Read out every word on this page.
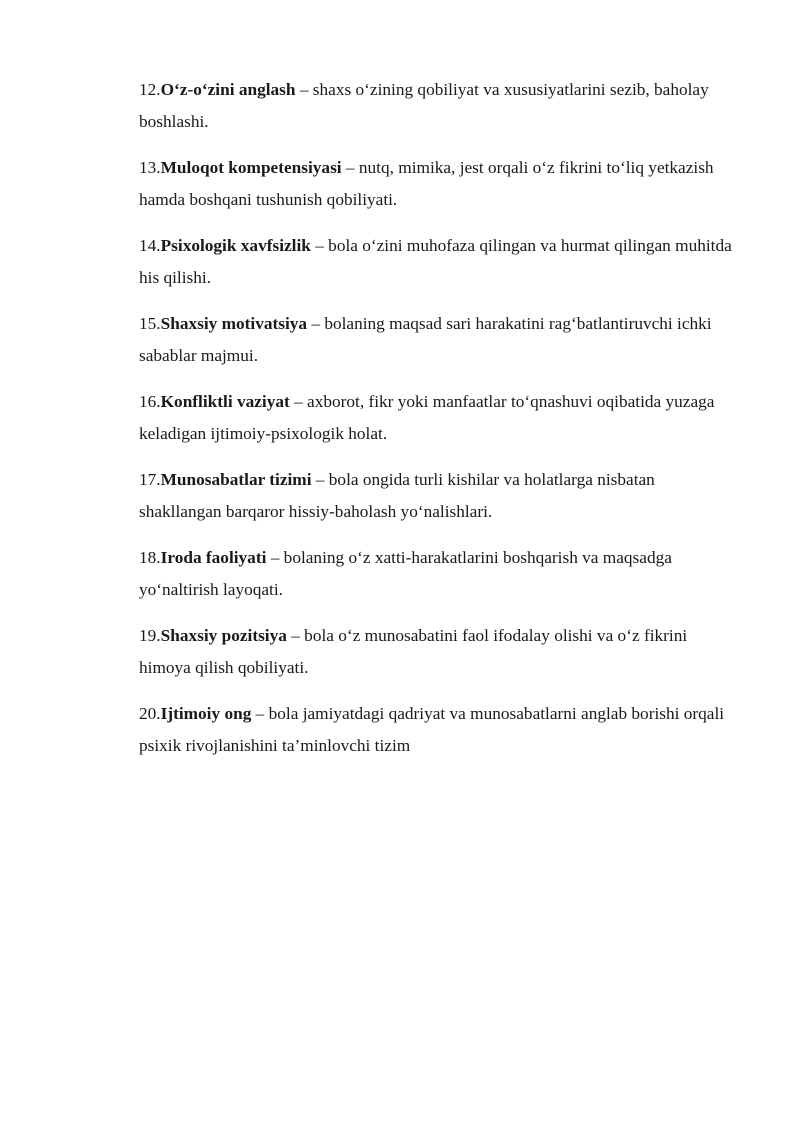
12.O‘z-o‘zini anglash – shaxs o‘zining qobiliyat va xususiyatlarini sezib, baholay boshlashi.

13.Muloqot kompetensiyasi – nutq, mimika, jest orqali o‘z fikrini to‘liq yetkazish hamda boshqani tushunish qobiliyati.

14.Psixologik xavfsizlik – bola o‘zini muhofaza qilingan va hurmat qilingan muhitda his qilishi.

15.Shaxsiy motivatsiya – bolaning maqsad sari harakatini rag‘batlantiruvchi ichki sabablar majmui.

16.Konfliktli vaziyat – axborot, fikr yoki manfaatlar to‘qnashuvi oqibatida yuzaga keladigan ijtimoiy-psixologik holat.

17.Munosabatlar tizimi – bola ongida turli kishilar va holatlarga nisbatan shakllangan barqaror hissiy-baholash yo‘nalishlari.

18.Iroda faoliyati – bolaning o‘z xatti-harakatlarini boshqarish va maqsadga yo‘naltirish layoqati.

19.Shaxsiy pozitsiya – bola o‘z munosabatini faol ifodalay olishi va o‘z fikrini himoya qilish qobiliyati.

20.Ijtimoiy ong – bola jamiyatdagi qadriyat va munosabatlarni anglab borishi orqali psixik rivojlanishini ta’minlovchi tizim
